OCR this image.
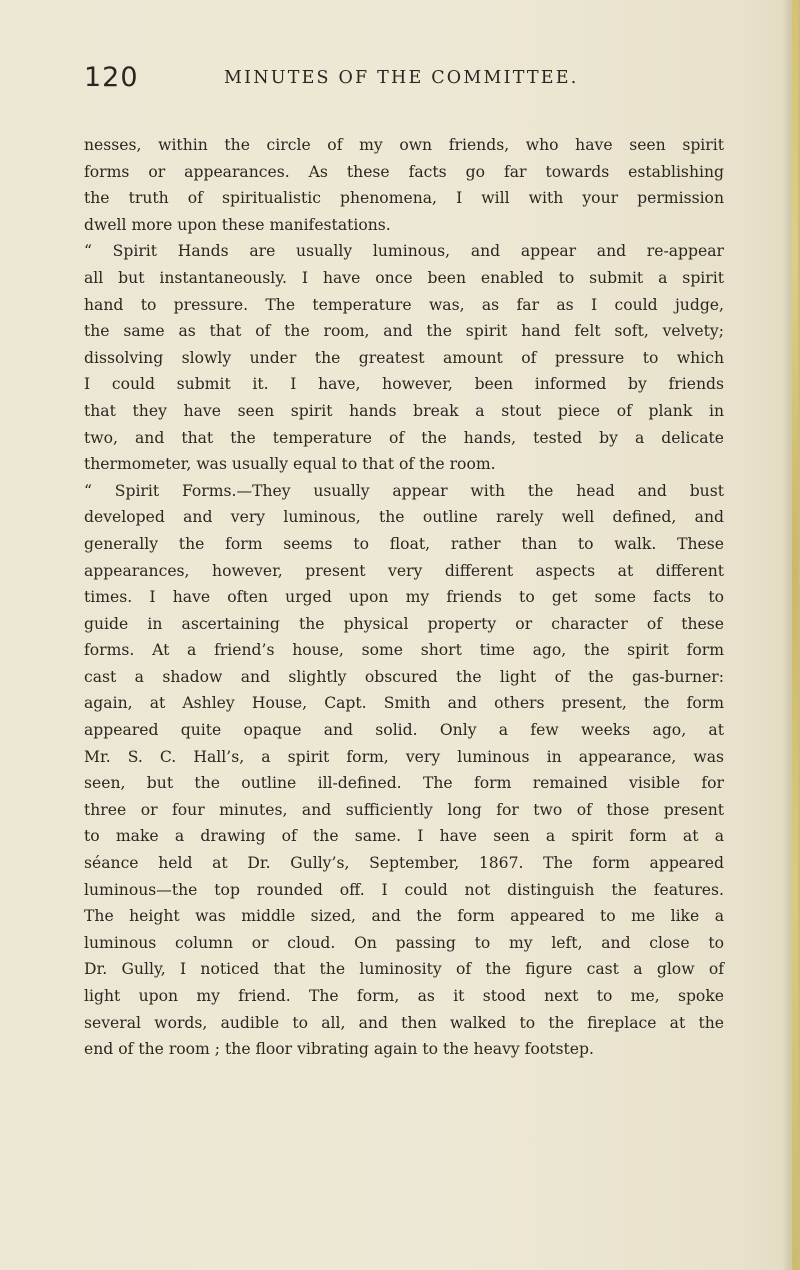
120	MINUTES OF THE COMMITTEE.
nesses, within the circle of my own friends, who have seen spirit
forms or appearances. As these facts go far towards establishing
the truth of spiritualistic phenomena, I will with your permission
dwell more upon these manifestations.
“ Spirit Hands are usually luminous, and appear and re-appear
all but instantaneously. I have once been enabled to submit a spirit
hand to pressure. The temperature was, as far as I could judge,
the same as that of the room, and the spirit hand felt soft, velvety;
dissolving slowly under the greatest amount of pressure to which
I could submit it. I have, however, been informed by friends
that they have seen spirit hands break a stout piece of plank in
two, and that the temperature of the hands, tested by a delicate
thermometer, was usually equal to that of the room.
“ Spirit Forms.—They usually appear with the head and bust
developed and very luminous, the outline rarely well defined, and
generally the form seems to float, rather than to walk. These
appearances, however, present very different aspects at different
times. I have often urged upon my friends to get some facts to
guide in ascertaining the physical property or character of these
forms. At a friend’s house, some short time ago, the spirit form
cast a shadow and slightly obscured the light of the gas-burner:
again, at Ashley House, Capt. Smith and others present, the form
appeared quite opaque and solid. Only a few weeks ago, at
Mr. S. C. Hall’s, a spirit form, very luminous in appearance, was
seen, but the outline ill-defined. The form remained visible for
three or four minutes, and sufficiently long for two of those present
to make a drawing of the same. I have seen a spirit form at a
séance held at Dr. Gully’s, September, 1867. The form appeared
luminous—the top rounded off. I could not distinguish the features.
The height was middle sized, and the form appeared to me like a
luminous column or cloud. On passing to my left, and close to
Dr. Gully, I noticed that the luminosity of the figure cast a glow of
light upon my friend. The form, as it stood next to me, spoke
several words, audible to all, and then walked to the fireplace at the
end of the room ; the floor vibrating again to the heavy footstep.
